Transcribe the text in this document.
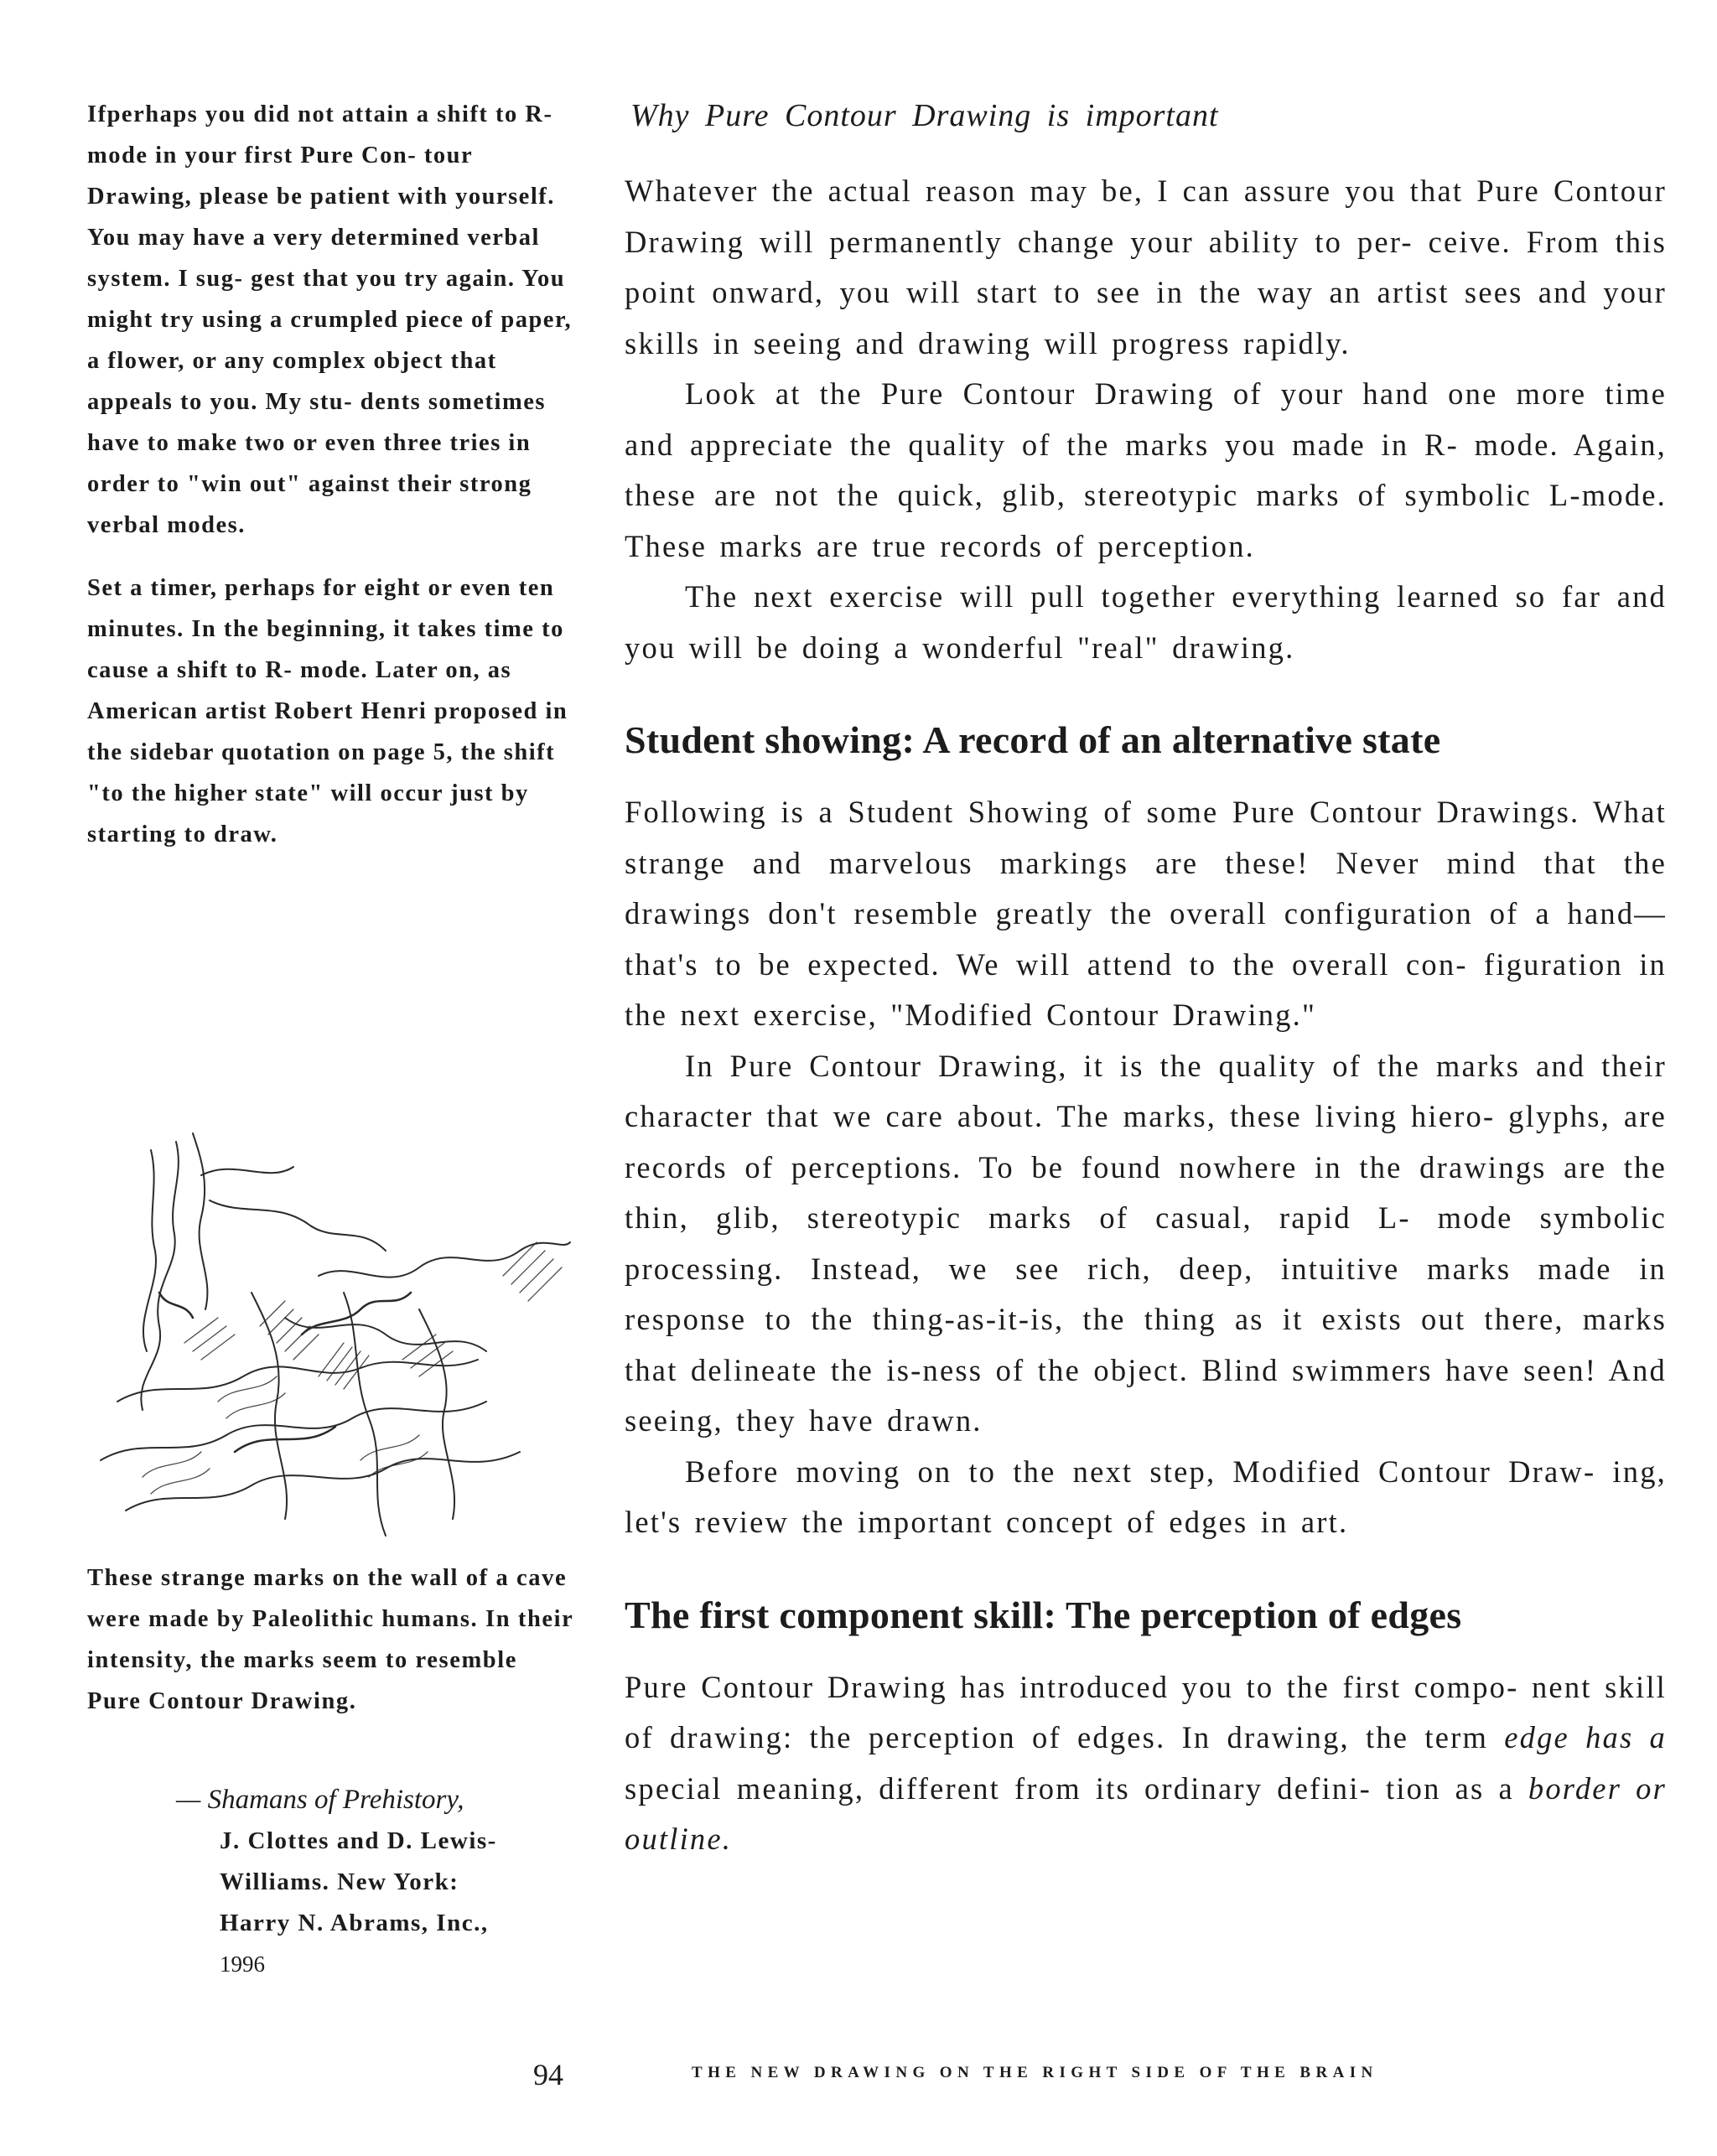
Ifperhaps you did not attain a shift to R-mode in your first Pure Con- tour Drawing, please be patient with yourself. You may have a very determined verbal system. I sug- gest that you try again. You might try using a crumpled piece of paper, a flower, or any complex object that appeals to you. My stu- dents sometimes have to make two or even three tries in order to "win out" against their strong verbal modes.

Set a timer, perhaps for eight or even ten minutes. In the beginning, it takes time to cause a shift to R- mode. Later on, as American artist Robert Henri proposed in the sidebar quotation on page 5, the shift "to the higher state" will occur just by starting to draw.

Why Pure Contour Drawing is important

Whatever the actual reason may be, I can assure you that Pure Contour Drawing will permanently change your ability to per- ceive. From this point onward, you will start to see in the way an artist sees and your skills in seeing and drawing will progress rapidly.

Look at the Pure Contour Drawing of your hand one more time and appreciate the quality of the marks you made in R- mode. Again, these are not the quick, glib, stereotypic marks of symbolic L-mode. These marks are true records of perception.

The next exercise will pull together everything learned so far and you will be doing a wonderful "real" drawing.

Student showing: A record of an alternative state

Following is a Student Showing of some Pure Contour Drawings. What strange and marvelous markings are these! Never mind that the drawings don't resemble greatly the overall configuration of a hand—that's to be expected. We will attend to the overall con- figuration in the next exercise, "Modified Contour Drawing."

In Pure Contour Drawing, it is the quality of the marks and their character that we care about. The marks, these living hiero- glyphs, are records of perceptions. To be found nowhere in the drawings are the thin, glib, stereotypic marks of casual, rapid L- mode symbolic processing. Instead, we see rich, deep, intuitive marks made in response to the thing-as-it-is, the thing as it exists out there, marks that delineate the is-ness of the object. Blind swimmers have seen! And seeing, they have drawn.

Before moving on to the next step, Modified Contour Draw- ing, let's review the important concept of edges in art.

The first component skill: The perception of edges

Pure Contour Drawing has introduced you to the first compo- nent skill of drawing: the perception of edges. In drawing, the term edge has a special meaning, different from its ordinary defini- tion as a border or outline.

These strange marks on the wall of a cave were made by Paleolithic humans. In their intensity, the marks seem to resemble Pure Contour Drawing.

— Shamans of Prehistory,

J. Clottes and D. Lewis-

Williams. New York:

Harry N. Abrams, Inc.,

1996

94	THE NEW DRAWING ON THE RIGHT SIDE OF THE BRAIN
